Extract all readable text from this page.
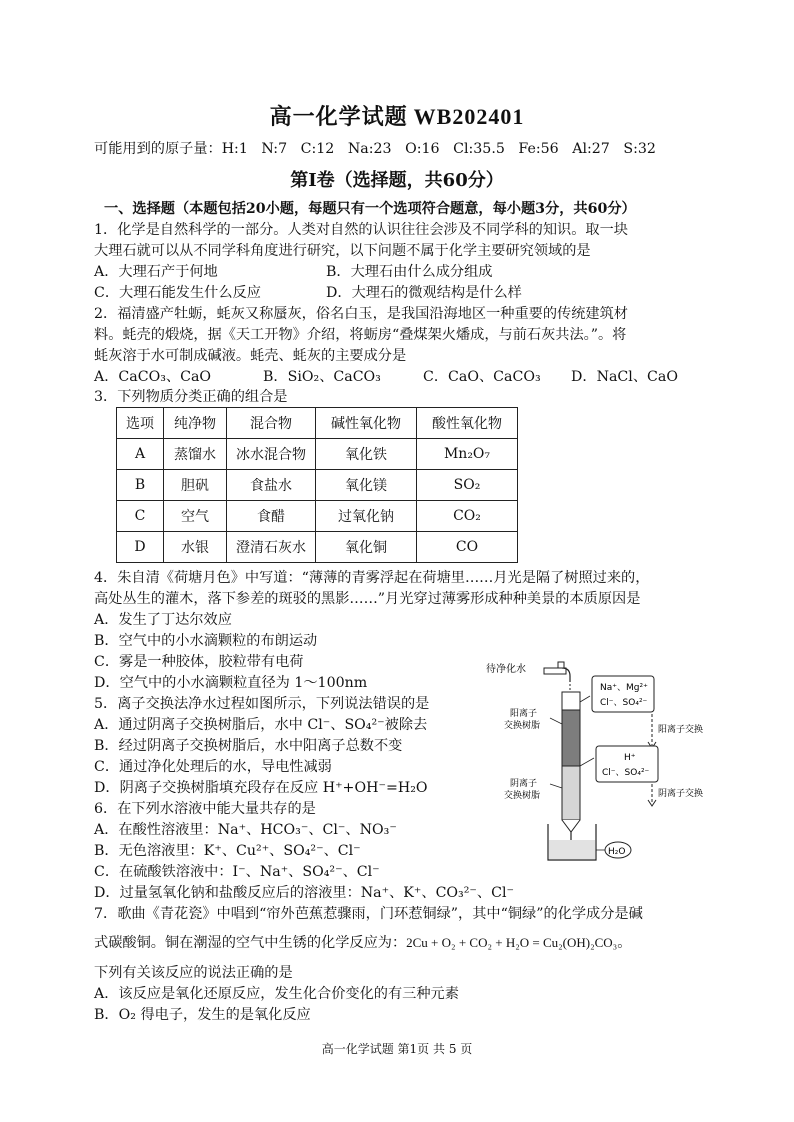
高一化学试题 WB202401
可能用到的原子量：H:1   N:7   C:12   Na:23   O:16   Cl:35.5   Fe:56   Al:27   S:32
第Ⅰ卷（选择题，共60分）
一、选择题（本题包括20小题，每题只有一个选项符合题意，每小题3分，共60分）
1．化学是自然科学的一部分。人类对自然的认识往往会涉及不同学科的知识。取一块
大理石就可以从不同学科角度进行研究，以下问题不属于化学主要研究领域的是
A．大理石产于何地	B．大理石由什么成分组成
C．大理石能发生什么反应	D．大理石的微观结构是什么样
2．福清盛产牡蛎，蚝灰又称蜃灰，俗名白玉，是我国沿海地区一种重要的传统建筑材
料。蚝壳的煅烧，据《天工开物》介绍，将蛎房“叠煤架火燔成，与前石灰共法。”。将
蚝灰溶于水可制成碱液。蚝壳、蚝灰的主要成分是
A．CaCO₃、CaO	B．SiO₂、CaCO₃	C．CaO、CaCO₃ D．NaCl、CaO
3．下列物质分类正确的组合是
选项	纯净物	混合物	碱性氧化物	酸性氧化物
A	蒸馏水	冰水混合物	氧化铁	Mn₂O₇
B	胆矾	食盐水	氧化镁	SO₂
C	空气	食醋	过氧化钠	CO₂
D	水银	澄清石灰水	氧化铜	CO
4．朱自清《荷塘月色》中写道：“薄薄的青雾浮起在荷塘里……月光是隔了树照过来的，
高处丛生的灌木，落下参差的斑驳的黑影……”月光穿过薄雾形成种种美景的本质原因是
A．发生了丁达尔效应
B．空气中的小水滴颗粒的布朗运动
C．雾是一种胶体，胶粒带有电荷
D．空气中的小水滴颗粒直径为 1～100nm
5．离子交换法净水过程如图所示，下列说法错误的是
A．通过阴离子交换树脂后，水中 Cl⁻、SO₄²⁻被除去
B．经过阴离子交换树脂后，水中阳离子总数不变
C．通过净化处理后的水，导电性减弱
D．阴离子交换树脂填充段存在反应 H⁺+OH⁻=H₂O
6．在下列水溶液中能大量共存的是
A．在酸性溶液里：Na⁺、HCO₃⁻、Cl⁻、NO₃⁻
B．无色溶液里：K⁺、Cu²⁺、SO₄²⁻、Cl⁻
C．在硫酸铁溶液中：I⁻、Na⁺、SO₄²⁻、Cl⁻
D．过量氢氧化钠和盐酸反应后的溶液里：Na⁺、K⁺、CO₃²⁻、Cl⁻
7．歌曲《青花瓷》中唱到“帘外芭蕉惹骤雨，门环惹铜绿”，其中“铜绿”的化学成分是碱
式碳酸铜。铜在潮湿的空气中生锈的化学反应为：2Cu + O₂ + CO₂ + H₂O = Cu₂(OH)₂CO₃。
下列有关该反应的说法正确的是
A．该反应是氧化还原反应，发生化合价变化的有三种元素
B．O₂ 得电子，发生的是氧化反应
待净化水
阳离子
交换树脂
阴离子
交换树脂
Na⁺、Mg²⁺
Cl⁻、SO₄²⁻
阳离子交换
H⁺
Cl⁻、SO₄²⁻
阴离子交换
H₂O
高一化学试题 第1页 共 5 页
